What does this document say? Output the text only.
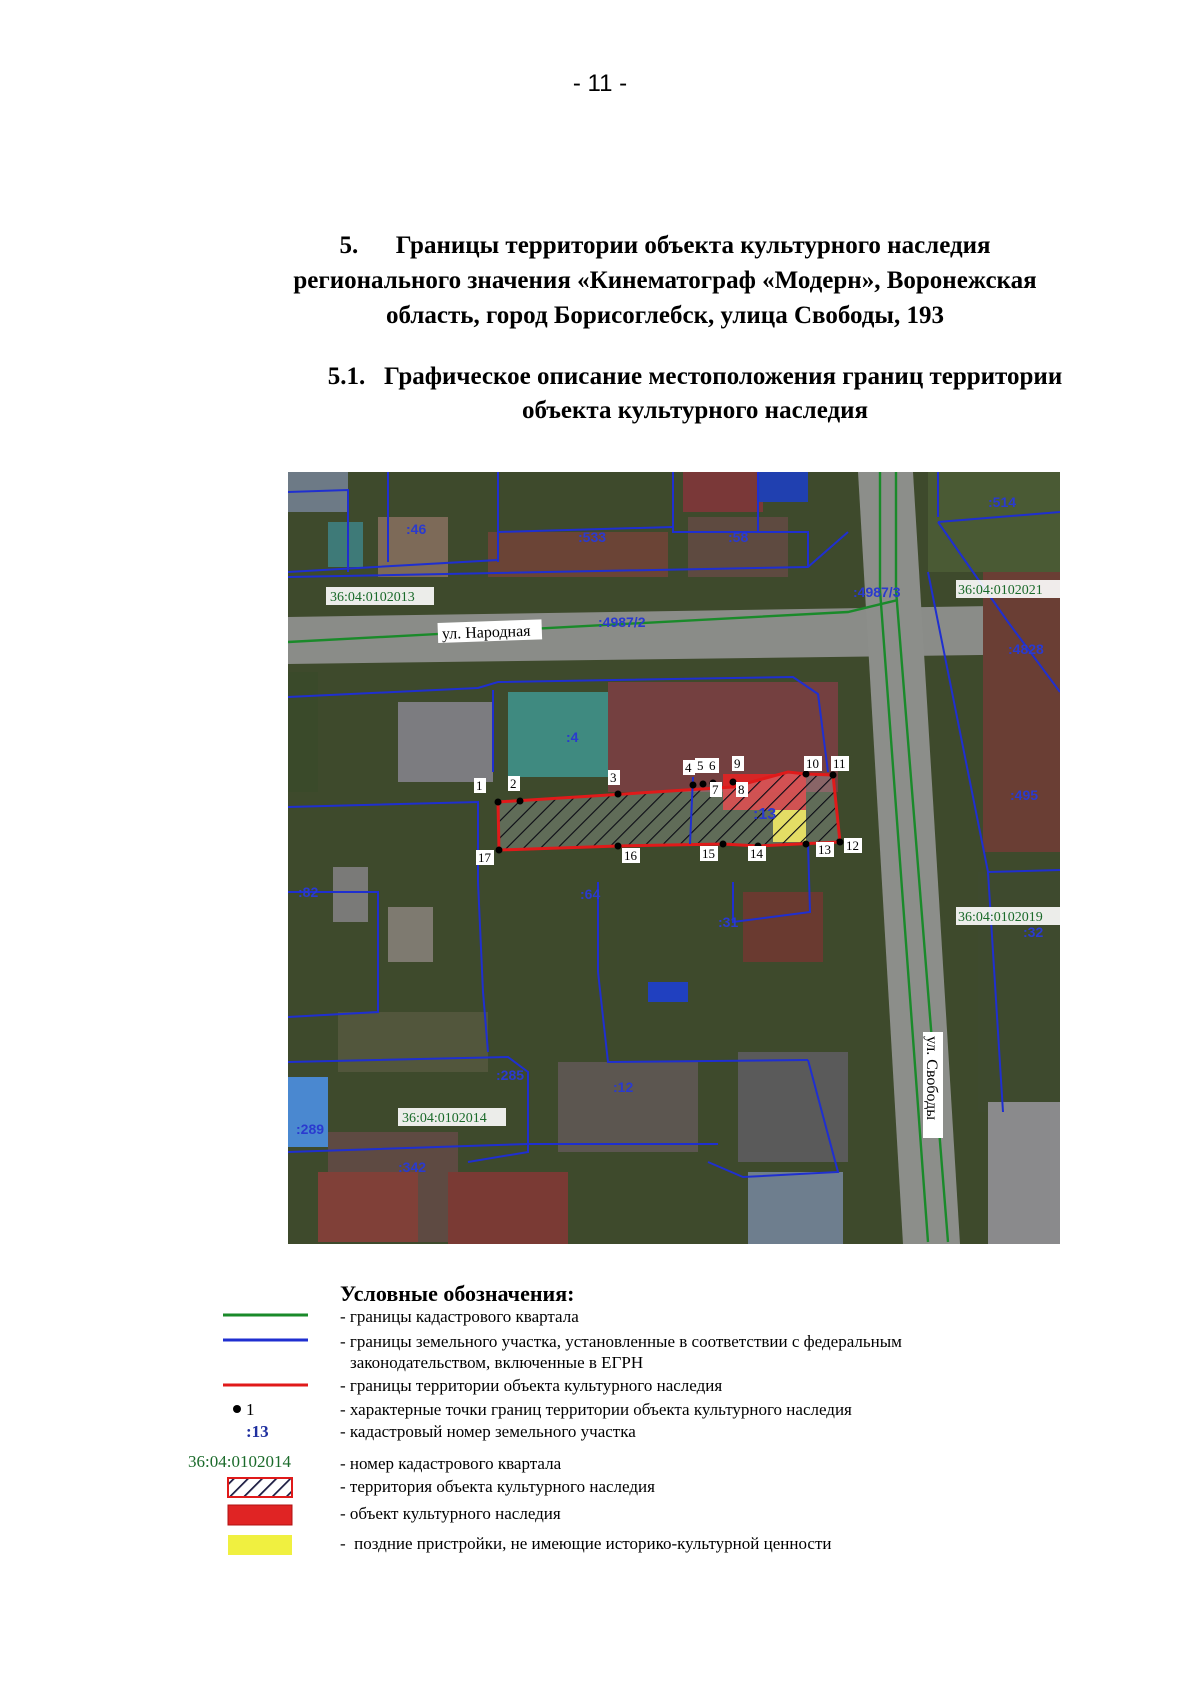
- 11 -
5.      Границы территории объекта культурного наследия
регионального значения «Кинематограф «Модерн», Воронежская
область, город Борисоглебск, улица Свободы, 193
5.1.   Графическое описание местоположения границ территории
объекта культурного наследия
ул. Народная
ул. Свободы
36:04:0102013	36:04:0102021
36:04:0102019
36:04:0102014
:46	:533	:58
:514
:4987/3
:4987/2
:4828
:4
:13
:495
:82	:64
:31
:32
:289
:285
:12
:342
1 2	3
4 5 6
7 8
9	10 11
12
13
14
15
16
17
Условные обозначения:
1
:13
36:04:0102014
- границы кадастрового квартала
- границы земельного участка, установленные в соответствии с федеральным
законодательством, включенные в ЕГРН
- границы территории объекта культурного наследия
- характерные точки границ территории объекта культурного наследия
- кадастровый номер земельного участка
- номер кадастрового квартала
- территория объекта культурного наследия
- объект культурного наследия
-  поздние пристройки, не имеющие историко-культурной ценности
